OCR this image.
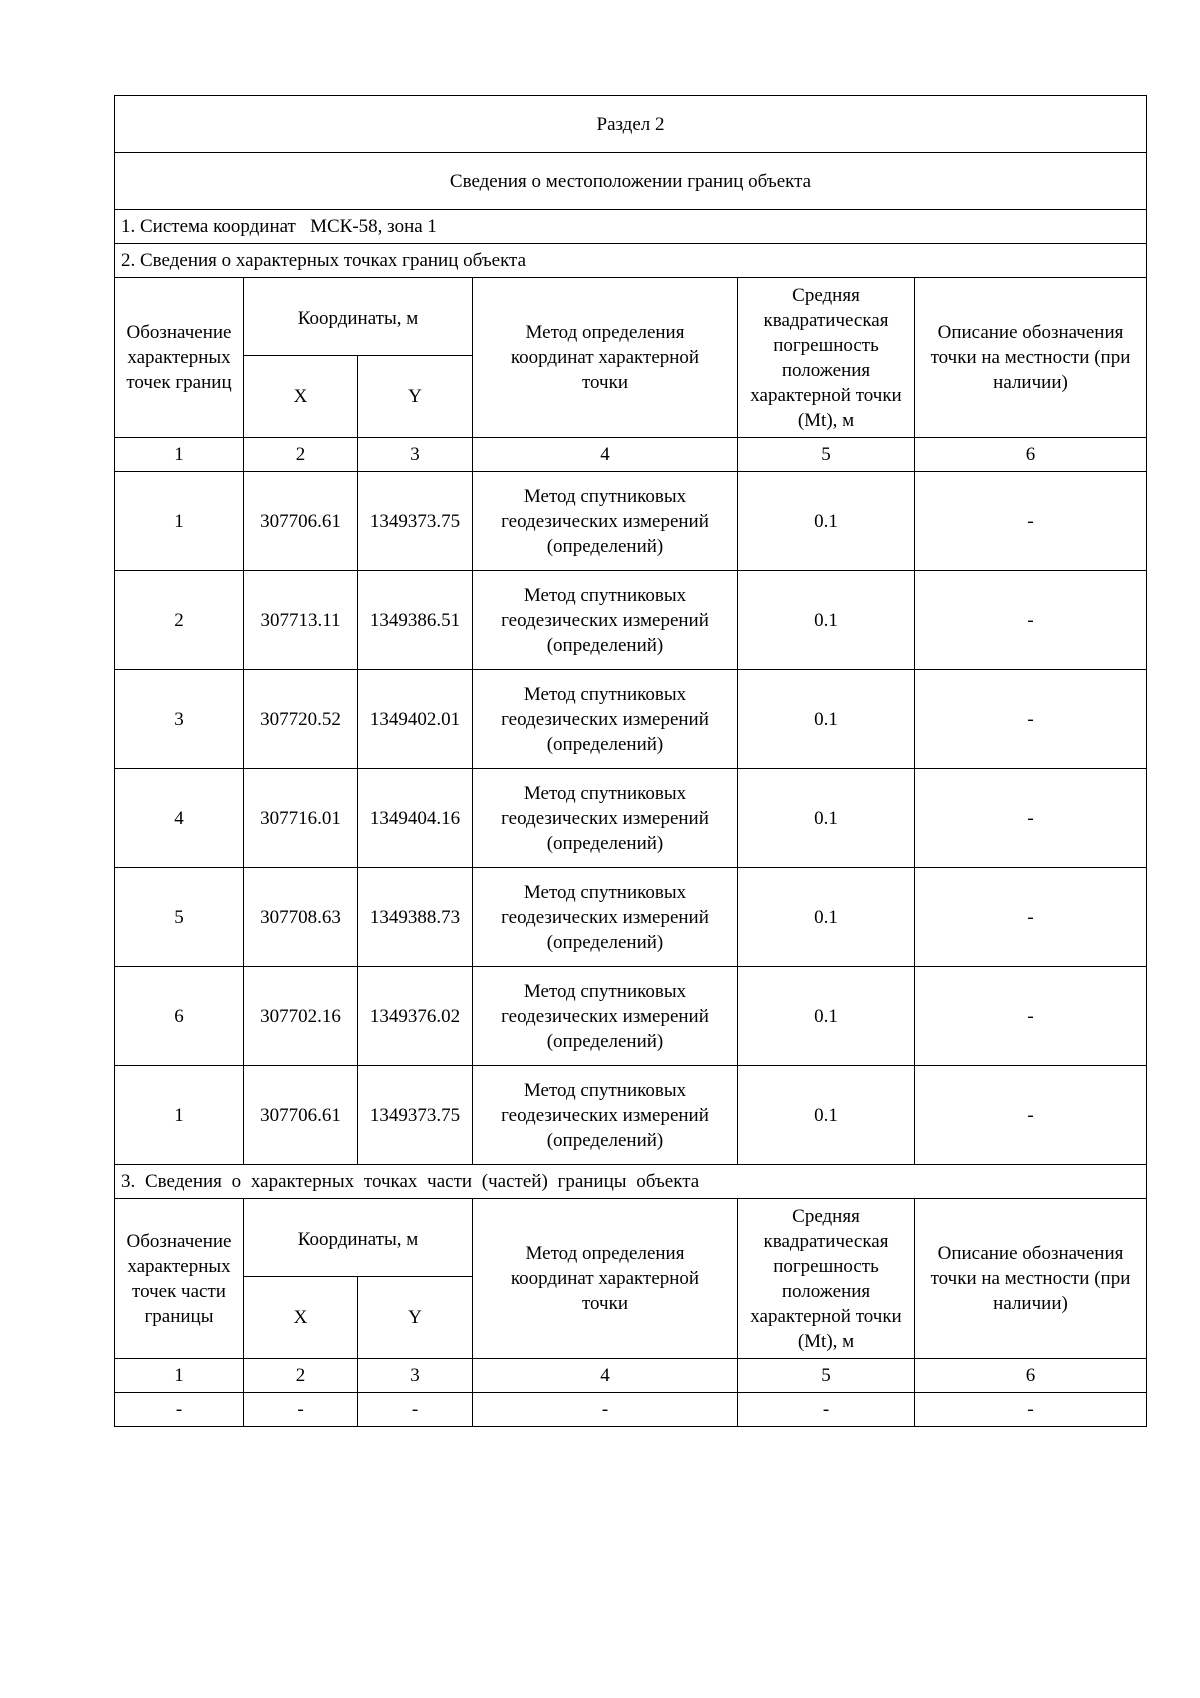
Раздел 2					
Сведения о местоположении границ объекта					
1. Система координат МСК-58, зона 1					
2. Сведения о характерных точках границ объекта					
Обозначение характерных точек границ	Координаты, м		Метод определения координат характерной точки	Средняя квадратическая погрешность положения характерной точки (Mt), м	Описание обозначения точки на местности (при наличии)
	X	Y			
1	2	3	4	5	6
1	307706.61	1349373.75	Метод спутниковых геодезических измерений (определений)	0.1	-
2	307713.11	1349386.51	Метод спутниковых геодезических измерений (определений)	0.1	-
3	307720.52	1349402.01	Метод спутниковых геодезических измерений (определений)	0.1	-
4	307716.01	1349404.16	Метод спутниковых геодезических измерений (определений)	0.1	-
5	307708.63	1349388.73	Метод спутниковых геодезических измерений (определений)	0.1	-
6	307702.16	1349376.02	Метод спутниковых геодезических измерений (определений)	0.1	-
1	307706.61	1349373.75	Метод спутниковых геодезических измерений (определений)	0.1	-
3. Сведения о характерных точках части (частей) границы объекта					
Обозначение характерных точек части границы	Координаты, м		Метод определения координат характерной точки	Средняя квадратическая погрешность положения характерной точки (Mt), м	Описание обозначения точки на местности (при наличии)
	X	Y			
1	2	3	4	5	6
-	-	-	-	-	-
